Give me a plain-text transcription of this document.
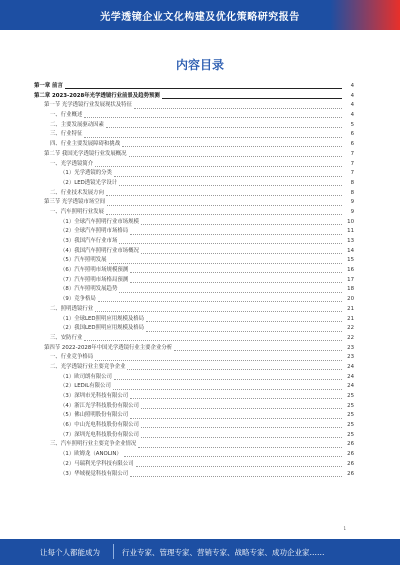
光学透镜企业文化构建及优化策略研究报告
内容目录
第一章 前言	4
第二章 2023-2028年光学透镜行业前景及趋势预测	4
第一节 光学透镜行业发展现状及特征	4
一、行业概述	4
二、主要发展驱动因素	5
三、行业特征	6
四、行业主要发展障碍和挑战	6
第二节 我国光学透镜行业发展概况	7
一、光学透镜简介	7
（1）光学透镜的分类	7
（2）LED透镜光学设计	8
二、行业技术发展方向	8
第三节 光学透镜市场空间	9
一、汽车照明行业发展	9
（1）全球汽车照明行业市场规模	10
（2）全球汽车照明市场格局	11
（3）我国汽车行业市场	13
（4）我国汽车照明行业市场概况	14
（5）汽车照明发展	15
（6）汽车照明市场规模预测	16
（7）汽车照明市场格局预测	17
（8）汽车照明发展趋势	18
（9）竞争格局	20
二、照明透镜行业	21
（1）全球LED照明应用规模及格局	21
（2）我国LED照明应用规模及格局	22
三、安防行业	22
第四节 2022-2028年中国光学透镜行业主要企业分析	23
一、行业竞争格局	23
二、光学透镜行业主要竞争企业	24
（1）欧司朗有限公司	24
（2）LEDiL有限公司	24
（3）深圳市光科技有限公司	25
（4）浙江光学科技股份有限公司	25
（5）佛山照明股份有限公司	25
（6）中山光电科技股份有限公司	25
（7）深圳光电科技股份有限公司	25
三、汽车照明行业主要竞争企业情况	26
（1）欧姆龙（ANOLIN）	26
（2）马瑞利光学科技有限公司	26
（3）华域视觉科技有限公司	26
1
让每个人都能成为	行业专家、管理专家、营销专家、战略专家、成功企业家……
